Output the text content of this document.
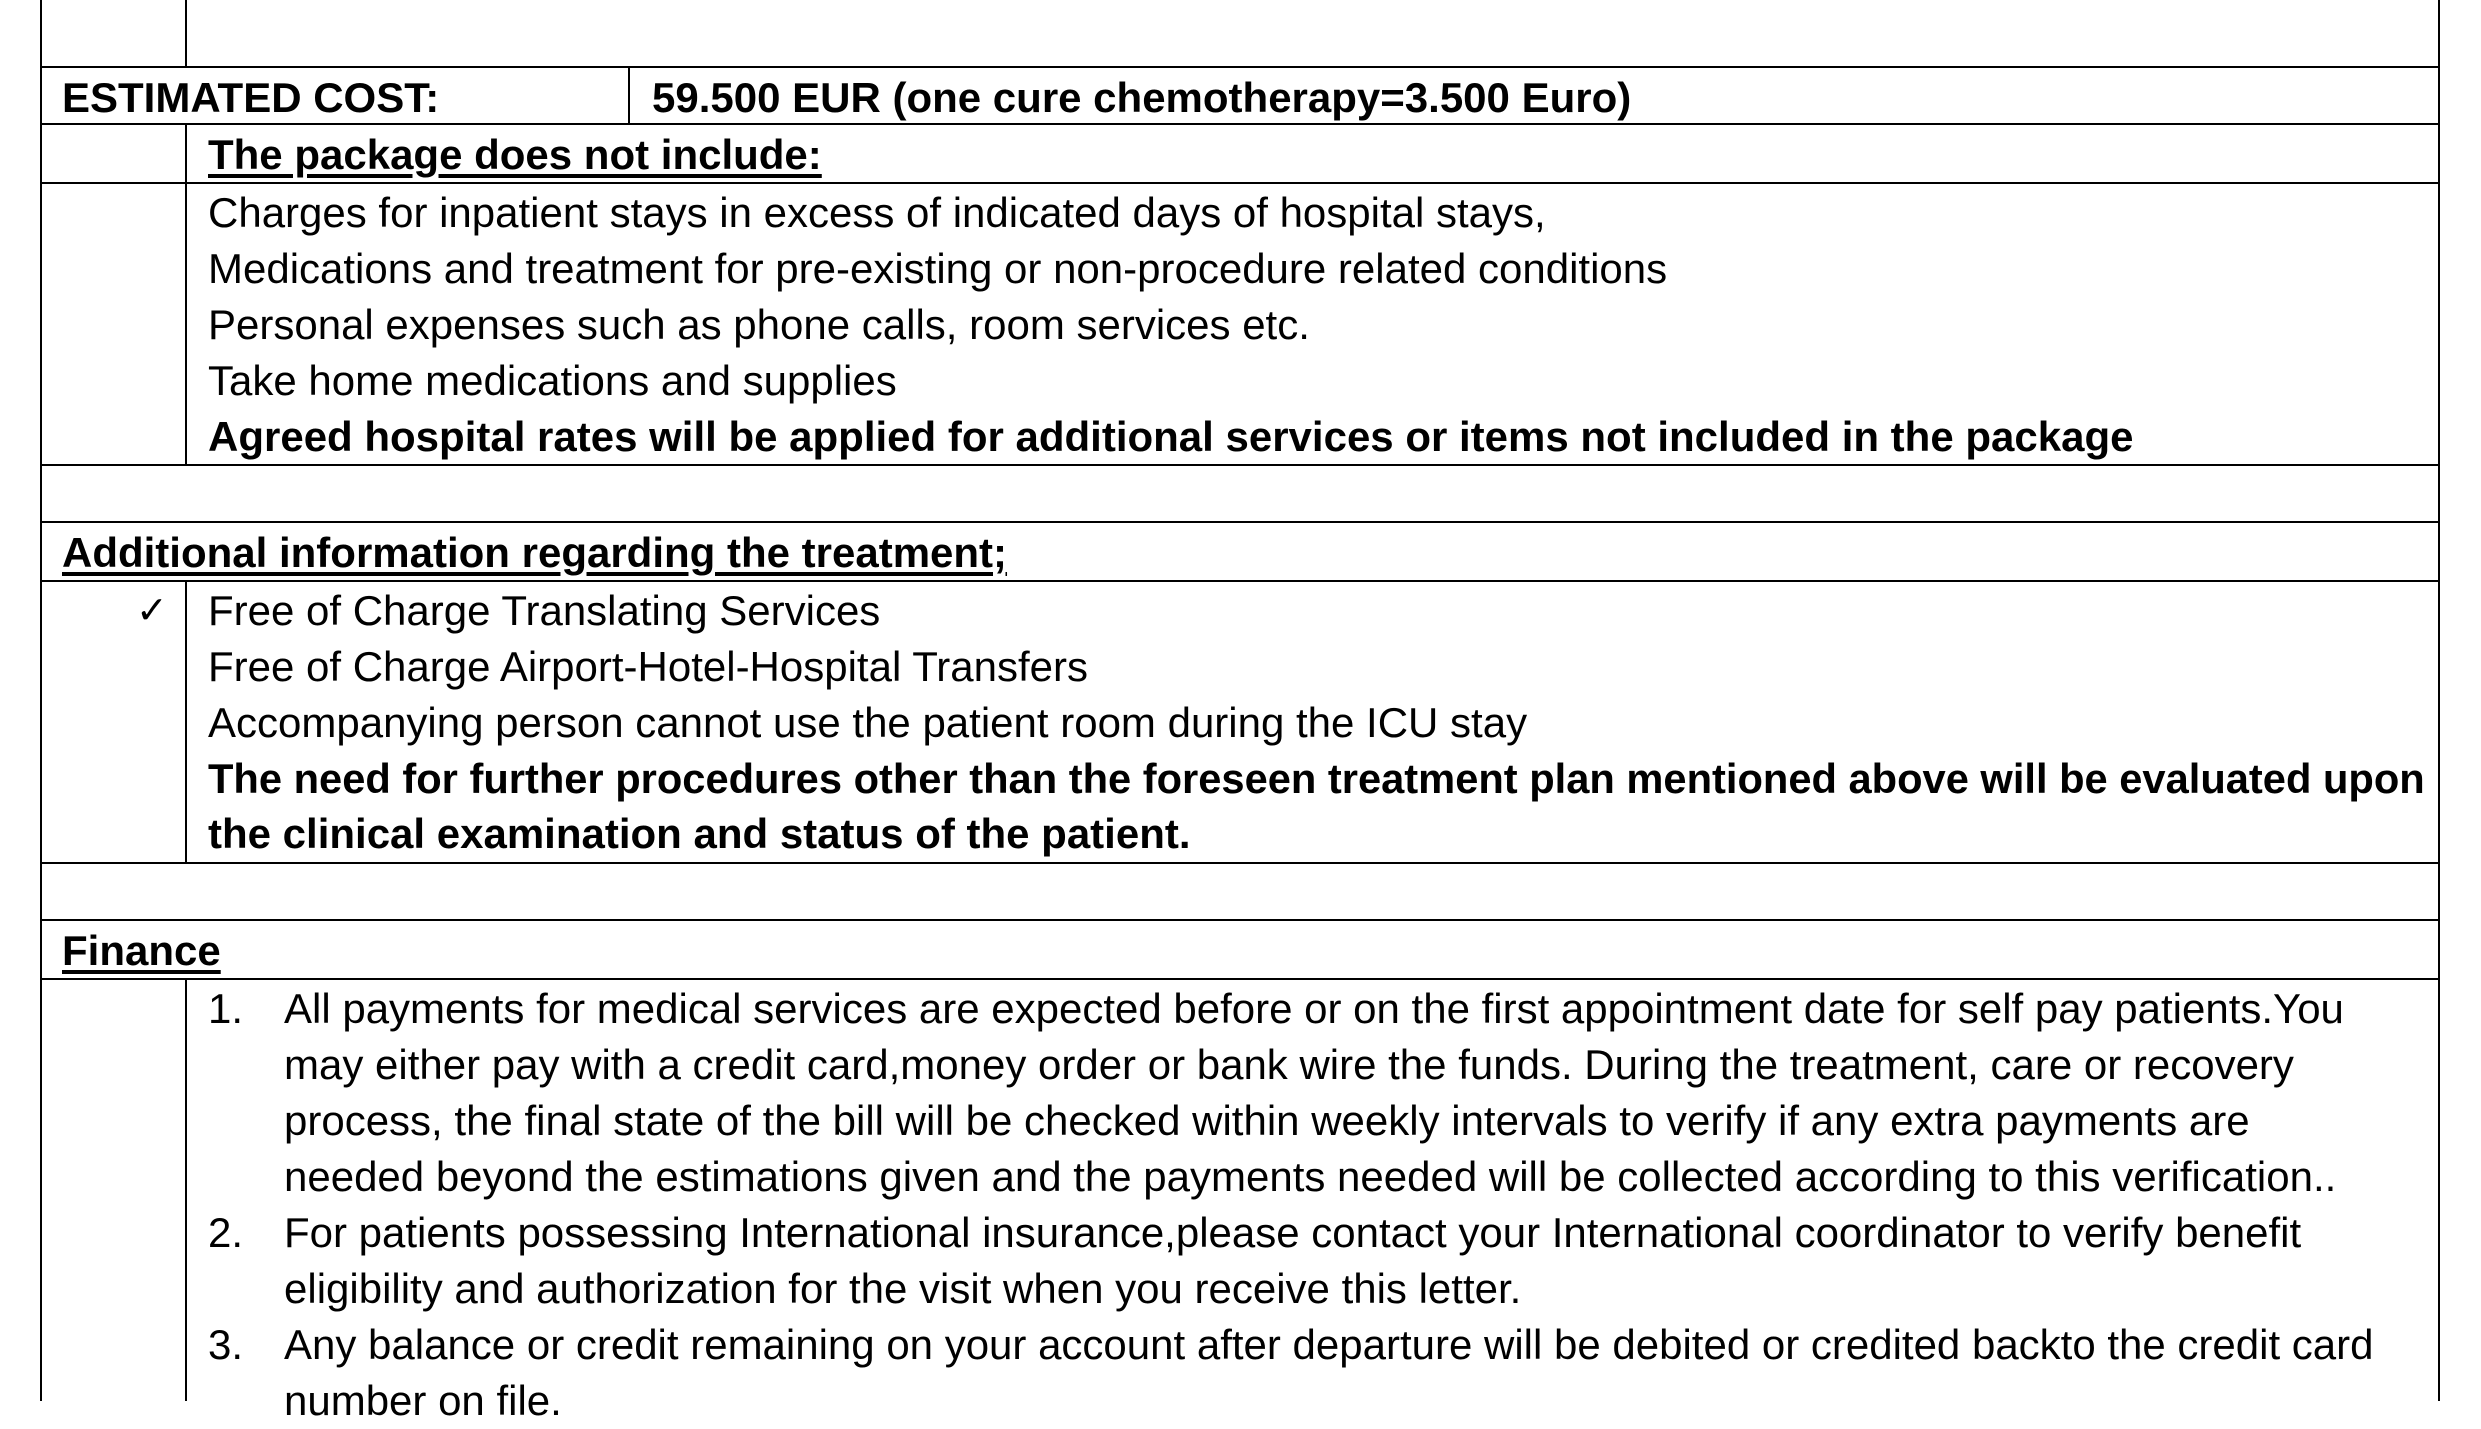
ESTIMATED COST:	59.500 EUR (one cure chemotherapy=3.500 Euro)
The package does not include:
Charges for inpatient stays in excess of indicated days of hospital stays,
Medications and treatment for pre-existing or non-procedure related conditions
Personal expenses such as phone calls, room services etc.
Take home medications and supplies
Agreed hospital rates will be applied for additional services or items not included in the package
Additional information regarding the treatment;
✓ Free of Charge Translating Services
Free of Charge Airport-Hotel-Hospital Transfers
Accompanying person cannot use the patient room during the ICU stay
The need for further procedures other than the foreseen treatment plan mentioned above will be evaluated upon
the clinical examination and status of the patient.
Finance
1. All payments for medical services are expected before or on the first appointment date for self pay patients.You
may either pay with a credit card,money order or bank wire the funds. During the treatment, care or recovery
process, the final state of the bill will be checked within weekly intervals to verify if any extra payments are
needed beyond the estimations given and the payments needed will be collected according to this verification..
2. For patients possessing International insurance,please contact your International coordinator to verify benefit
eligibility and authorization for the visit when you receive this letter.
3. Any balance or credit remaining on your account after departure will be debited or credited backto the credit card
number on file.
